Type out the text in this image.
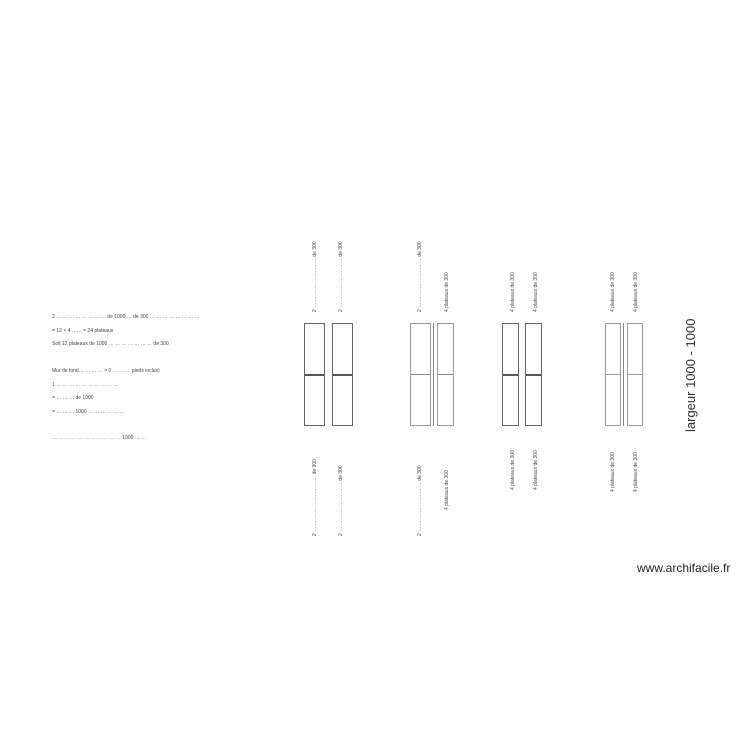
2 … … … … … … … … de 1000 … de 300 … … … … … … … …
= 12 × 4 …… = 24 plateaux
Soit 12 plateaux de 1000 … … … … … … … de 300
Mur de fond… … … … = 0 … … … pieds inclus)
1 … … … … … … … … … …
= … … … de 1000
= … … … 1000 … … … … … …
… … … … … … … … … … … 1000 … …
2 … … … … … … … … de 300	2 … … … … … … … … de 300
2 … … … … … … … … … de 300	2 … … … … … … … … de 300
2 … … … … … … … … de 300	4 plateaux de 300
2 … … … … … … … … de 300	4 plateaux de 300
4 plateaux de 300	4 plateaux de 300
4 plateaux de 300	4 plateaux de 300
4 plateaux de 300	4 plateaux de 300
4 plateaux de 300	4 plateaux de 300
largeur 1000 - 1000
www.archifacile.fr
